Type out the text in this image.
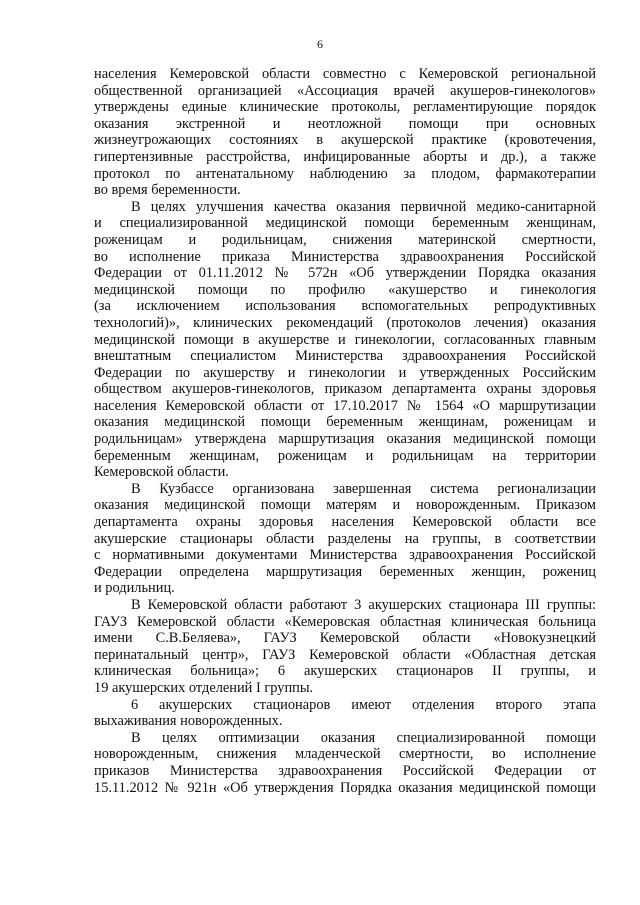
6
населения Кемеровской области совместно с Кемеровской региональной
общественной организацией «Ассоциация врачей акушеров-гинекологов»
утверждены единые клинические протоколы, регламентирующие порядок
оказания экстренной и неотложной помощи при основных
жизнеугрожающих состояниях в акушерской практике (кровотечения,
гипертензивные расстройства, инфицированные аборты и др.), а также
протокол по антенатальному наблюдению за плодом, фармакотерапии
во время беременности.
В целях улучшения качества оказания первичной медико-санитарной
и специализированной медицинской помощи беременным женщинам,
роженицам и родильницам, снижения материнской смертности,
во исполнение приказа Министерства здравоохранения Российской
Федерации от 01.11.2012 № 572н «Об утверждении Порядка оказания
медицинской помощи по профилю «акушерство и гинекология
(за исключением использования вспомогательных репродуктивных
технологий)», клинических рекомендаций (протоколов лечения) оказания
медицинской помощи в акушерстве и гинекологии, согласованных главным
внештатным специалистом Министерства здравоохранения Российской
Федерации по акушерству и гинекологии и утвержденных Российским
обществом акушеров-гинекологов, приказом департамента охраны здоровья
населения Кемеровской области от 17.10.2017 № 1564 «О маршрутизации
оказания медицинской помощи беременным женщинам, роженицам и
родильницам» утверждена маршрутизация оказания медицинской помощи
беременным женщинам, роженицам и родильницам на территории
Кемеровской области.
В Кузбассе организована завершенная система регионализации
оказания медицинской помощи матерям и новорожденным. Приказом
департамента охраны здоровья населения Кемеровской области все
акушерские стационары области разделены на группы, в соответствии
с нормативными документами Министерства здравоохранения Российской
Федерации определена маршрутизация беременных женщин, рожениц
и родильниц.
В Кемеровской области работают 3 акушерских стационара III группы:
ГАУЗ Кемеровской области «Кемеровская областная клиническая больница
имени С.В.Беляева», ГАУЗ Кемеровской области «Новокузнецкий
перинатальный центр», ГАУЗ Кемеровской области «Областная детская
клиническая больница»; 6 акушерских стационаров II группы, и
19 акушерских отделений I группы.
6 акушерских стационаров имеют отделения второго этапа
выхаживания новорожденных.
В целях оптимизации оказания специализированной помощи
новорожденным, снижения младенческой смертности, во исполнение
приказов Министерства здравоохранения Российской Федерации от
15.11.2012 № 921н «Об утверждения Порядка оказания медицинской помощи
